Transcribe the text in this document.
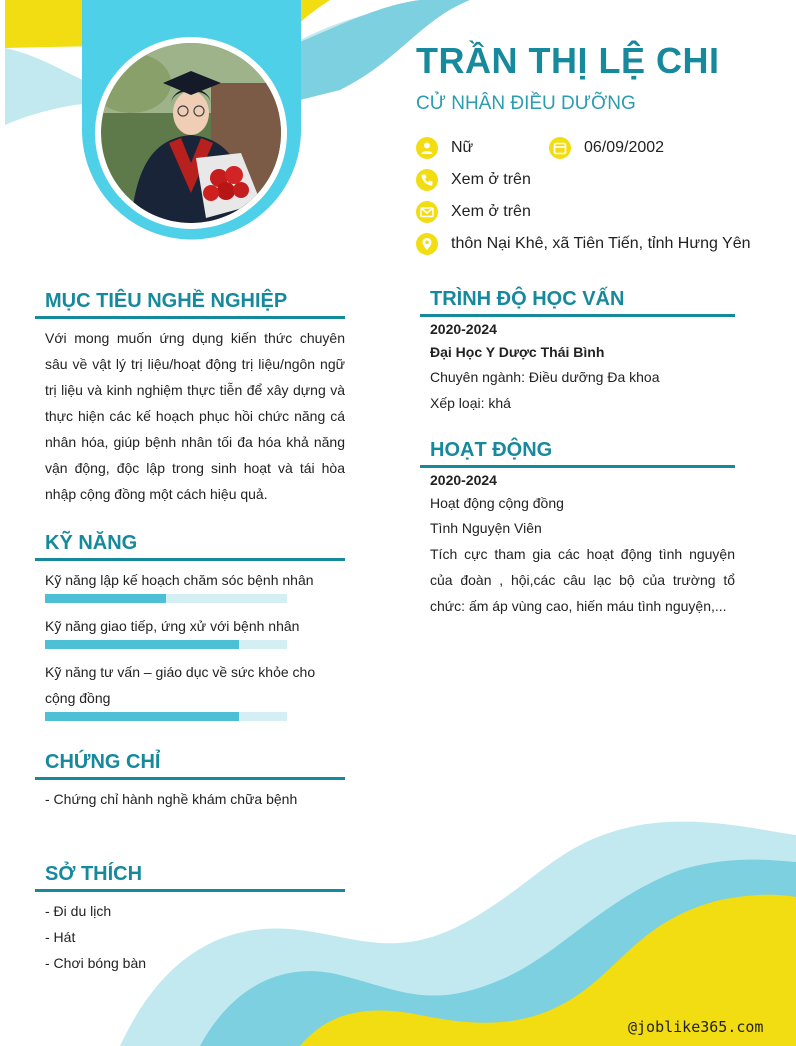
TRẦN THỊ LỆ CHI
CỬ NHÂN ĐIỀU DƯỠNG
Nữ	06/09/2002
Xem ở trên
Xem ở trên
thôn Nại Khê, xã Tiên Tiến, tỉnh Hưng Yên
MỤC TIÊU NGHỀ NGHIỆP

Với mong muốn ứng dụng kiến thức chuyên sâu về vật lý trị liệu/hoạt động trị liệu/ngôn ngữ trị liệu và kinh nghiệm thực tiễn để xây dựng và thực hiện các kế hoạch phục hồi chức năng cá nhân hóa, giúp bệnh nhân tối đa hóa khả năng vận động, độc lập trong sinh hoạt và tái hòa nhập cộng đồng một cách hiệu quả.

KỸ NĂNG
Kỹ năng lập kế hoạch chăm sóc bệnh nhân
Kỹ năng giao tiếp, ứng xử với bệnh nhân

Kỹ năng tư vấn – giáo dục về sức khỏe cho cộng đồng

CHỨNG CHỈ
- Chứng chỉ hành nghề khám chữa bệnh
SỞ THÍCH
- Đi du lịch
- Hát
- Chơi bóng bàn
TRÌNH ĐỘ HỌC VẤN
2020-2024
Đại Học Y Dược Thái Bình
Chuyên ngành: Điều dưỡng Đa khoa
Xếp loại: khá
HOẠT ĐỘNG
2020-2024
Hoạt động cộng đồng
Tình Nguyện Viên

Tích cực tham gia các hoạt động tình nguyện của đoàn , hội,các câu lạc bộ của trường tổ chức: ấm áp vùng cao, hiến máu tình nguyện,...

@joblike365.com
